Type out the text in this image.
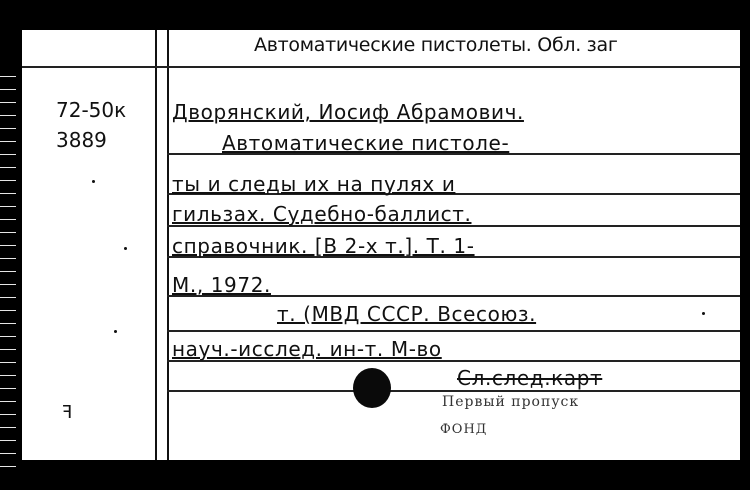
Автоматические пистолеты. Обл. заг
72-50к
3889
Дворянский, Иосиф Абрамович.
Автоматические пистоле-
ты и следы их на пулях и
гильзах. Судебно-баллист.
справочник. [В 2-х т.]. Т. 1-
М., 1972.
т. (МВД СССР. Всесоюз.
науч.-исслед. ин-т. М-во
Сл.след.карт
Первый пропуск
ФОНД
ꟻ
